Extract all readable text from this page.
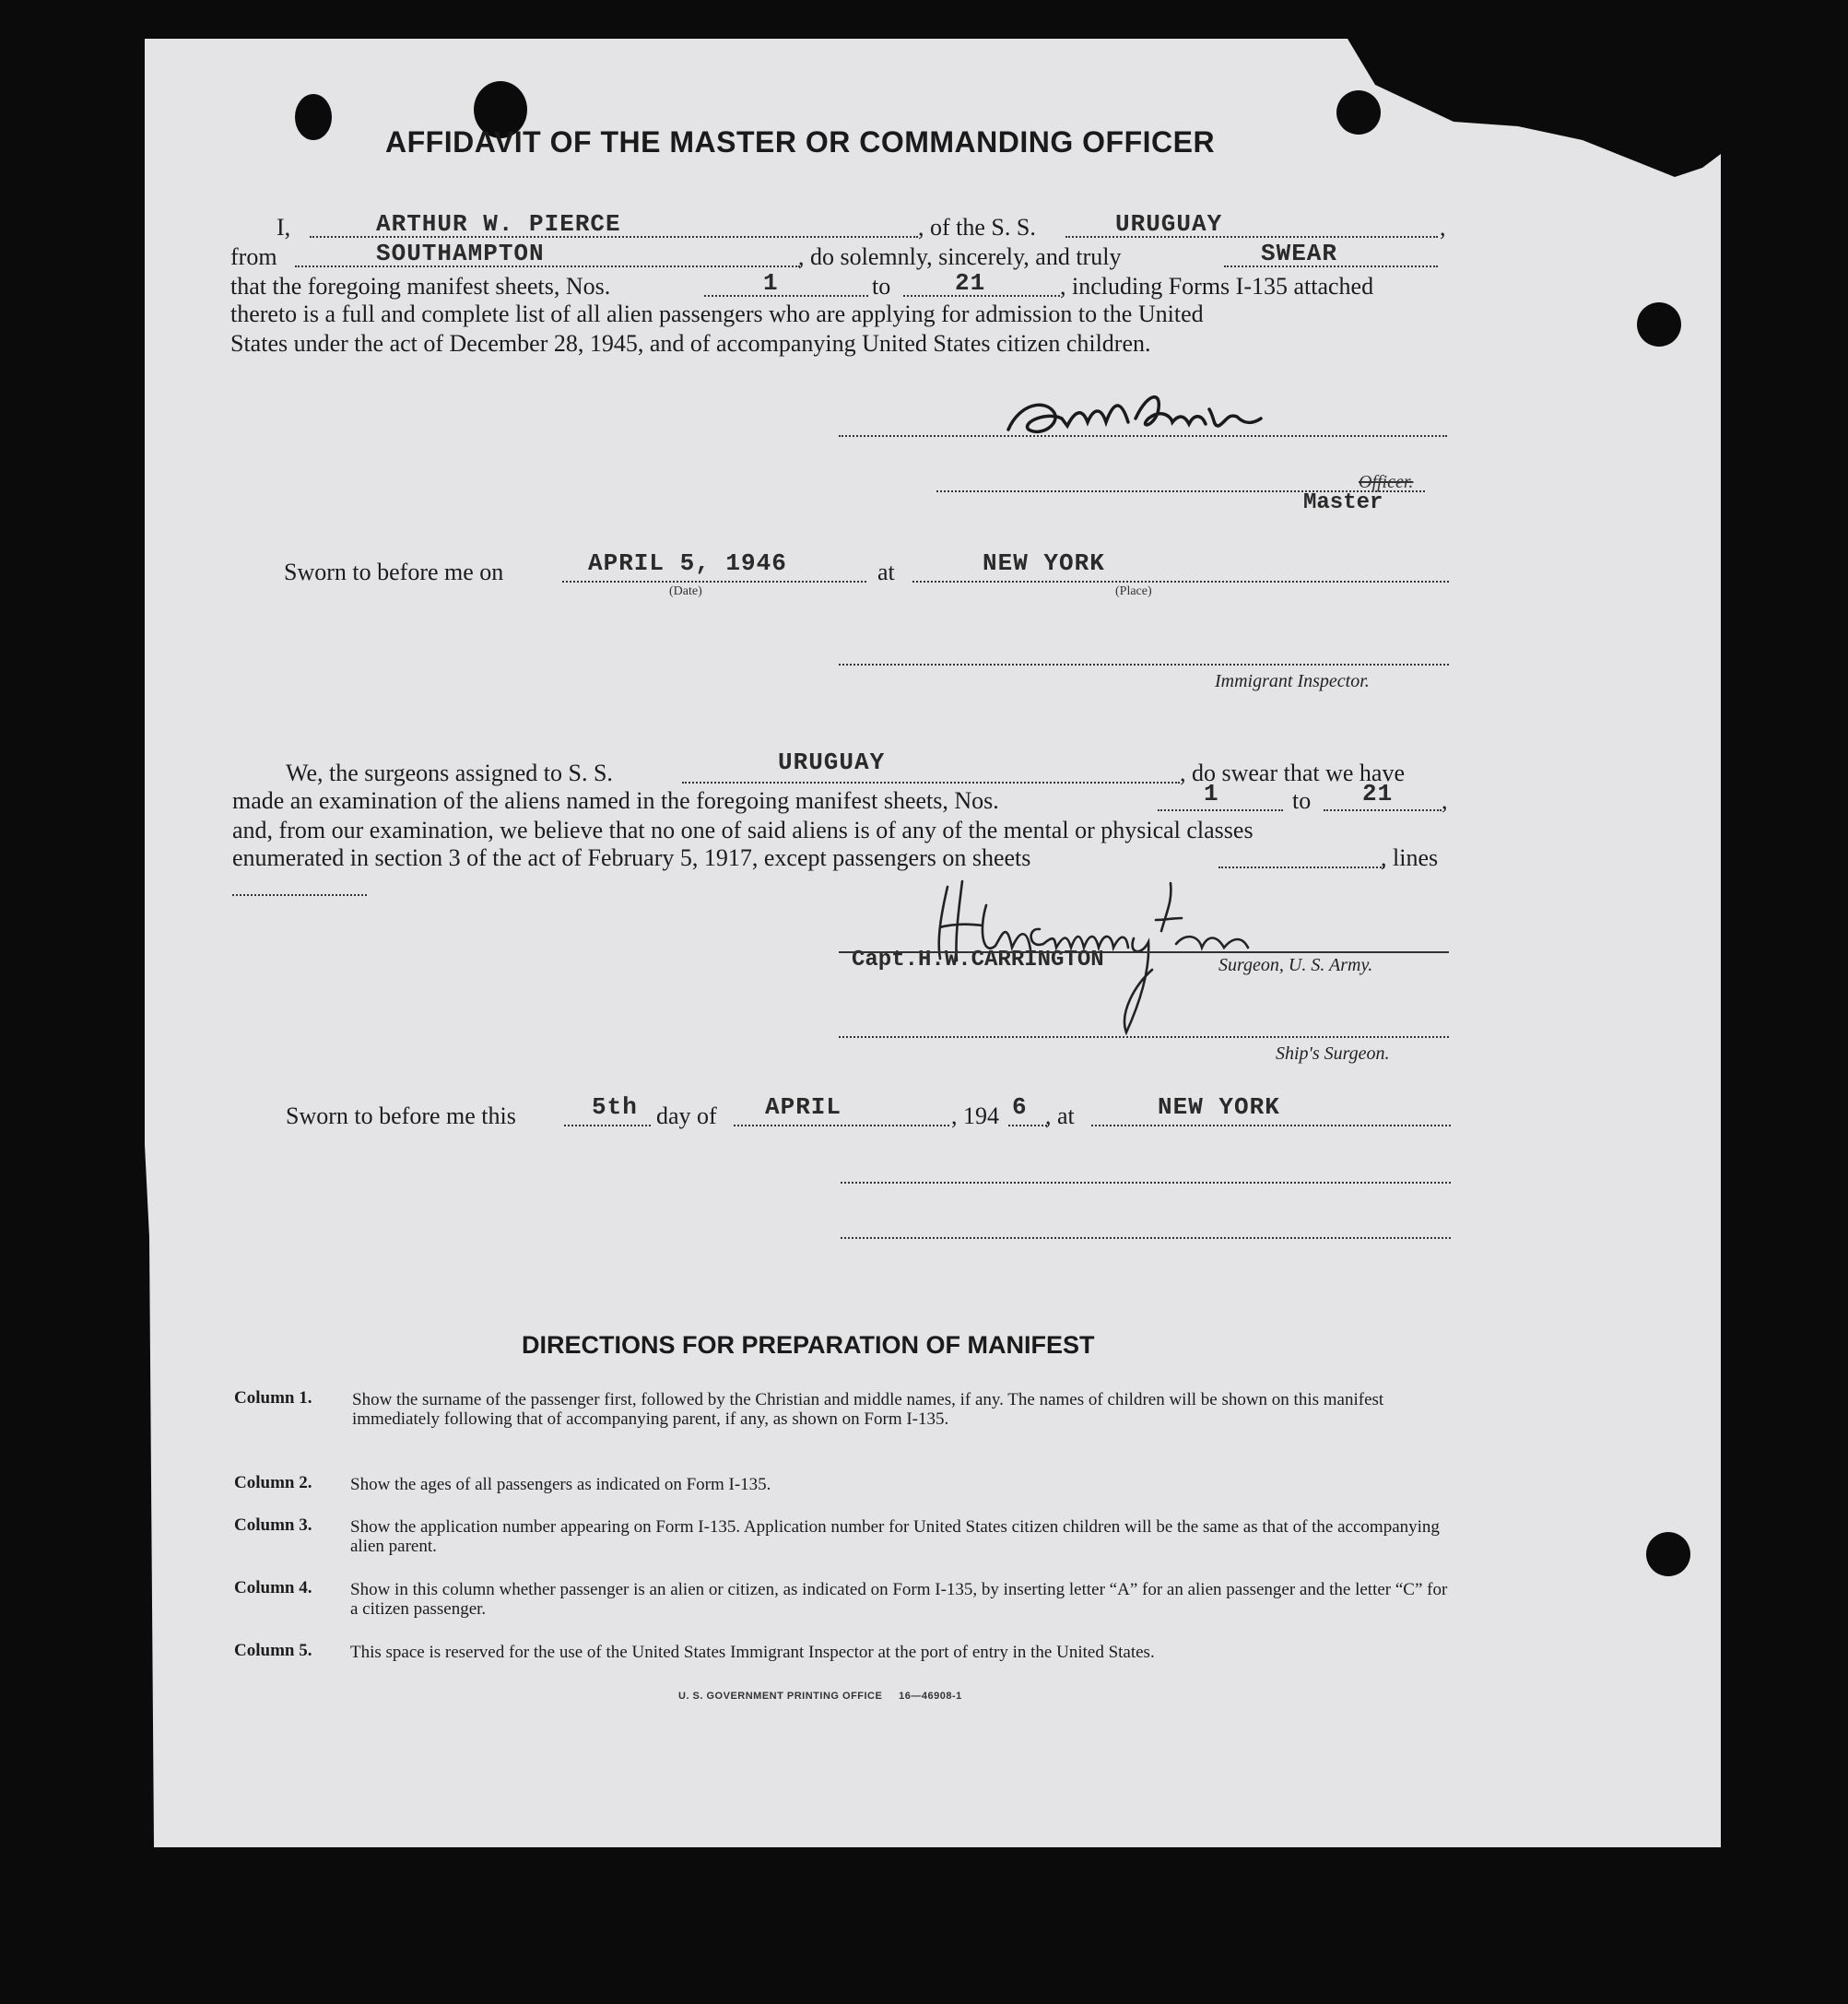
AFFIDAVIT OF THE MASTER OR COMMANDING OFFICER
I,	ARTHUR W. PIERCE	, of the S. S.	URUGUAY	,
from	SOUTHAMPTON	, do solemnly, sincerely, and truly	SWEAR
that the foregoing manifest sheets, Nos.	1	to	21	, including Forms I-135 attached
thereto is a full and complete list of all alien passengers who are applying for admission to the United
States under the act of December 28, 1945, and of accompanying United States citizen children.
Officer.
Master
Sworn to before me on	APRIL 5, 1946
(Date)
at	NEW YORK
(Place)
Immigrant Inspector.
We, the surgeons assigned to S. S.	URUGUAY	, do swear that we have
made an examination of the aliens named in the foregoing manifest sheets, Nos.	1	to 21 ,
and, from our examination, we believe that no one of said aliens is of any of the mental or physical classes
enumerated in section 3 of the act of February 5, 1917, except passengers on sheets	, lines
Capt.H.W.CARRINGTON	Surgeon, U. S. Army.
Ship's Surgeon.
Sworn to before me this	5th day of APRIL	, 194 6 , at	NEW YORK
DIRECTIONS FOR PREPARATION OF MANIFEST
Column 1.	Show the surname of the passenger first, followed by the Christian and middle names, if any. The names of children will be shown on this manifest immediately following that of accompanying parent, if any, as shown on Form I-135.
Column 2. Show the ages of all passengers as indicated on Form I-135.
Column 3. Show the application number appearing on Form I-135. Application number for United States citizen children will be the same as that of the accompanying alien parent.
Column 4. Show in this column whether passenger is an alien or citizen, as indicated on Form I-135, by inserting letter “A” for an alien passenger and the letter “C” for a citizen passenger.
Column 5. This space is reserved for the use of the United States Immigrant Inspector at the port of entry in the United States.
U. S. GOVERNMENT PRINTING OFFICE     16—46908-1
